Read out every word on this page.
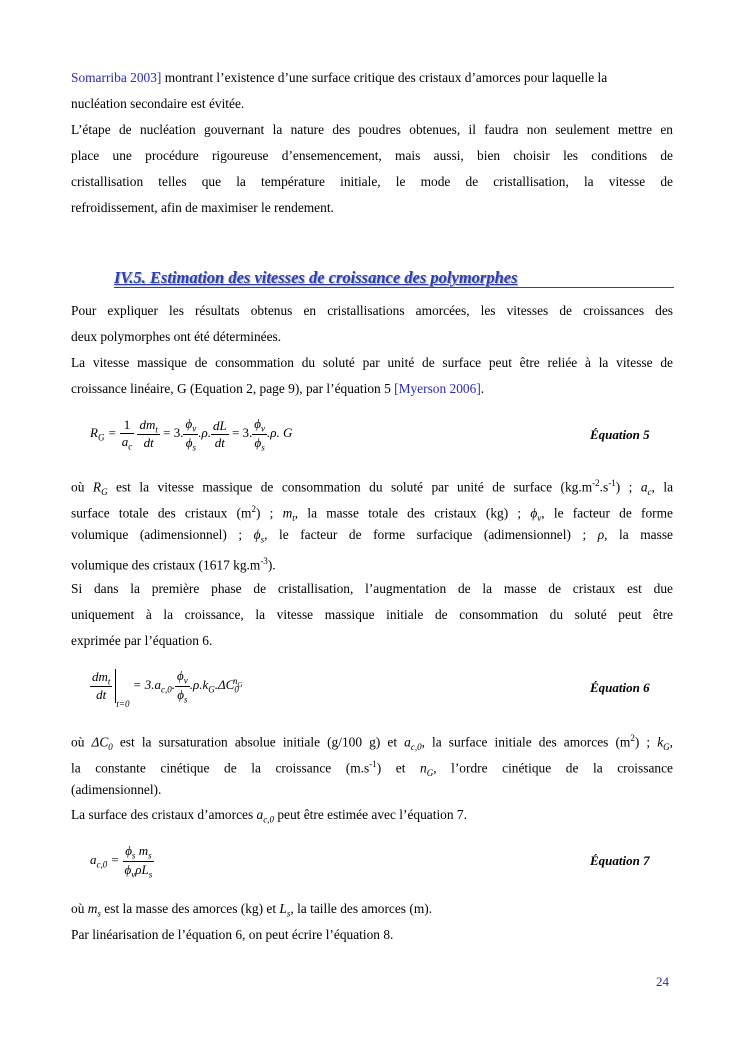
Somarriba 2003] montrant l’existence d’une surface critique des cristaux d’amorces pour laquelle la
nucléation secondaire est évitée.
L’étape de nucléation gouvernant la nature des poudres obtenues, il faudra non seulement mettre en
place une procédure rigoureuse d’ensemencement, mais aussi, bien choisir les conditions de
cristallisation telles que la température initiale, le mode de cristallisation, la vitesse de
refroidissement, afin de maximiser le rendement.
IV.5. Estimation des vitesses de croissance des polymorphes
Pour expliquer les résultats obtenus en cristallisations amorcées, les vitesses de croissances des
deux polymorphes ont été déterminées.
La vitesse massique de consommation du soluté par unité de surface peut être reliée à la vitesse de
croissance linéaire, G (Equation 2, page 9), par l’équation 5 [Myerson 2006].
$R_G = \frac{1}{a_c}$
$\frac{dm_t}{dt} = 3$. $\frac{\phi_v}{\phi_s} .\rho$. $\frac{dL}{dt} = 3$. $\frac{\phi_v}{\phi_s} .\rho$. G	Équation 5
où $R_G$ est la vitesse massique de consommation du soluté par unité de surface $(kg.m^{-2}.s^{-1})$ ; $a_c$, la
surface totale des cristaux $(m^2)$ ; $m_t$, la masse totale des cristaux (kg) ; $\phi_v$, le facteur de forme
volumique (adimensionnel) ; $\phi_s$, le facteur de forme surfacique (adimensionnel) ; ρ, la masse
volumique des cristaux (1617 $kg.m^{-3}$).
Si dans la première phase de cristallisation, l’augmentation de la masse de cristaux est due
uniquement à la croissance, la vitesse massique initiale de consommation du soluté peut être
exprimée par l’équation 6.
$\frac{dm_t}{dt}$
$_{t=0} = 3.a_{c,0}$. $\frac{\phi_v}{\phi_s} .\rho.k_G.\Delta C_0^{n_G}$	Équation 6
où $\Delta C_0$ est la sursaturation absolue initiale (g/100 g) et $a_{c,0}$, la surface initiale des amorces $(m^2)$ ; $k_G$,
la constante cinétique de la croissance $(m.s^{-1})$ et $n_G$, l’ordre cinétique de la croissance
(adimensionnel).
La surface des cristaux d’amorces $a_{c,0}$ peut être estimée avec l’équation 7.
$a_{c,0} = \frac{\phi_s m_s}{\phi_v\rho L_s}$	Équation 7
où $m_s$ est la masse des amorces (kg) et $L_s$, la taille des amorces (m).
Par linéarisation de l’équation 6, on peut écrire l’équation 8.
24
